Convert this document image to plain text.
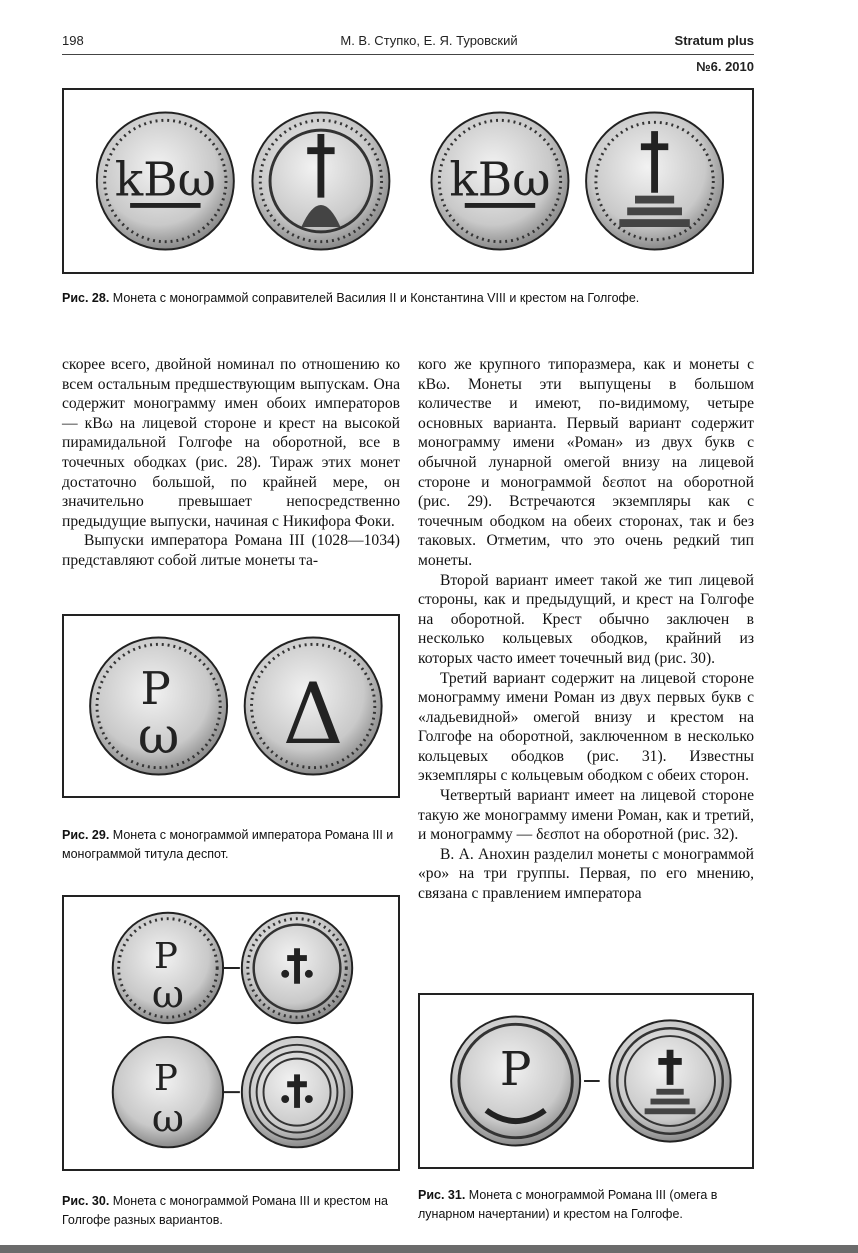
198	М. В. Ступко, Е. Я. Туровский	Stratum plus
№6. 2010
kBω	kBω
Рис. 28. Монета с монограммой соправителей Василия II и Константина VIII и крестом на Голгофе.

скорее всего, двойной номинал по отношению ко всем остальным предшествующим выпускам. Она содержит монограмму имен обоих императоров — кВω на лицевой стороне и крест на высокой пирамидальной Голгофе на оборотной, все в точечных ободках (рис. 28). Тираж этих монет достаточно большой, по крайней мере, он значительно превышает непосредственно предыдущие выпуски, начиная с Никифора Фоки.

Выпуски императора Романа III (1028—1034) представляют собой литые монеты та-

P
ω Δ
Рис. 29. Монета с монограммой императора Романа III и монограммой титула деспот.
P
ω
P
ω
Рис. 30. Монета с монограммой Романа III и крестом на Голгофе разных вариантов.

кого же крупного типоразмера, как и монеты с кВω. Монеты эти выпущены в большом количестве и имеют, по-видимому, четыре основных варианта. Первый вариант содержит монограмму имени «Роман» из двух букв с обычной лунарной омегой внизу на лицевой стороне и монограммой δεσποτ на оборотной (рис. 29). Встречаются экземпляры как с точечным ободком на обеих сторонах, так и без таковых. Отметим, что это очень редкий тип монеты.

Второй вариант имеет такой же тип лицевой стороны, как и предыдущий, и крест на Голгофе на оборотной. Крест обычно заключен в несколько кольцевых ободков, крайний из которых часто имеет точечный вид (рис. 30).

Третий вариант содержит на лицевой стороне монограмму имени Роман из двух первых букв с «ладьевидной» омегой внизу и крестом на Голгофе на оборотной, заключенном в несколько кольцевых ободков (рис. 31). Известны экземпляры с кольцевым ободком с обеих сторон.

Четвертый вариант имеет на лицевой стороне такую же монограмму имени Роман, как и третий, и монограмму — δεσποτ на оборотной (рис. 32).

В. А. Анохин разделил монеты с монограммой «ро» на три группы. Первая, по его мнению, связана с правлением императора

P
Рис. 31. Монета с монограммой Романа III (омега в лунарном начертании) и крестом на Голгофе.
